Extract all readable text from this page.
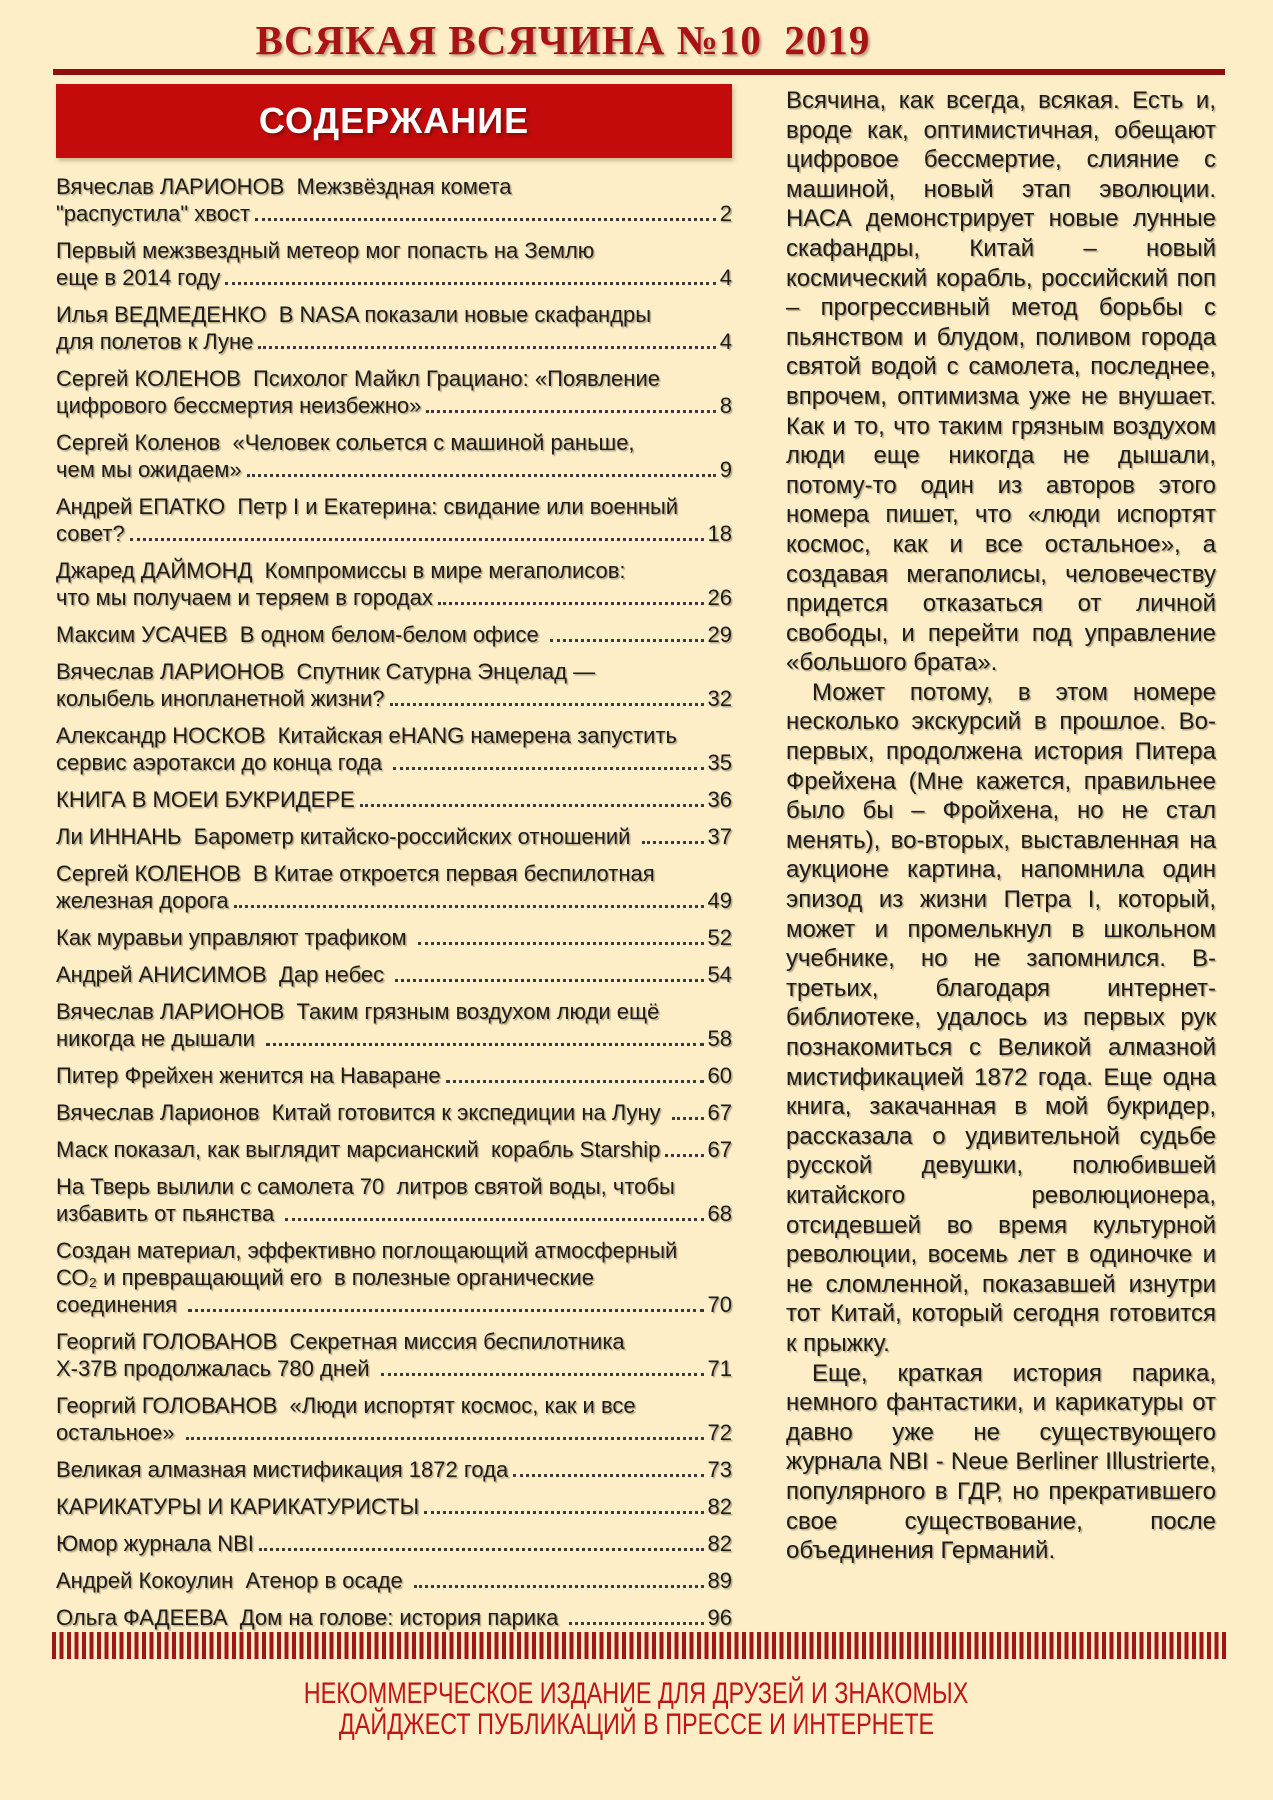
ВСЯКАЯ ВСЯЧИНА №10  2019
СОДЕРЖАНИЕ
Вячеслав ЛАРИОНОВ  Межзвёздная комета
"распустила" хвост	2
Первый межзвездный метеор мог попасть на Землю
еще в 2014 году	4
Илья ВЕДМЕДЕНКО  В NASA показали новые скафандры
для полетов к Луне	4
Сергей КОЛЕНОВ  Психолог Майкл Грациано: «Появление
цифрового бессмертия неизбежно»	8
Сергей Коленов  «Человек сольется с машиной раньше,
чем мы ожидаем»	9
Андрей ЕПАТКО  Петр I и Екатерина: свидание или военный
совет?	18
Джаред ДАЙМОНД  Компромиссы в мире мегаполисов:
что мы получаем и теряем в городах	26
Максим УСАЧЕВ  В одном белом-белом офисе	29
Вячеслав ЛАРИОНОВ  Спутник Сатурна Энцелад —
колыбель инопланетной жизни?	32
Александр НОСКОВ  Китайская eHANG намерена запустить
сервис аэротакси до конца года	35
КНИГА В МОЕИ БУКРИДЕРЕ	36
Ли ИННАНЬ  Барометр китайско-российских отношений	37
Сергей КОЛЕНОВ  В Китае откроется первая беспилотная
железная дорога	49
Как муравьи управляют трафиком	52
Андрей АНИСИМОВ  Дар небес	54
Вячеслав ЛАРИОНОВ  Таким грязным воздухом люди ещё
никогда не дышали	58
Питер Фрейхен женится на Наваране	60
Вячеслав Ларионов  Китай готовится к экспедиции на Луну 67
Маск показал, как выглядит марсианский  корабль Starship 67
На Тверь вылили с самолета 70  литров святой воды, чтобы
избавить от пьянства	68
Создан материал, эффективно поглощающий атмосферный
СО₂ и превращающий его  в полезные органические
соединения	70
Георгий ГОЛОВАНОВ  Секретная миссия беспилотника
Х-37В продолжалась 780 дней	71
Георгий ГОЛОВАНОВ  «Люди испортят космос, как и все
остальное»	72
Великая алмазная мистификация 1872 года	73
КАРИКАТУРЫ И КАРИКАТУРИСТЫ	82
Юмор журнала NBI	82
Андрей Кокоулин  Атенор в осаде	89
Ольга ФАДЕЕВА  Дом на голове: история парика	96

Всячина, как всегда, всякая. Есть и, вроде как, оптимистичная, обещают цифровое бессмертие, слияние с машиной, новый этап эволюции. НАСА демонстрирует новые лунные скафандры, Китай – новый космический корабль, российский поп – прогрессивный метод борьбы с пьянством и блудом, поливом города святой водой с самолета, последнее, впрочем, оптимизма уже не внушает. Как и то, что таким грязным воздухом люди еще никогда не дышали, потому-то один из авторов этого номера пишет, что «люди испортят космос, как и все остальное», а создавая мегаполисы, человечеству придется отказаться от личной свободы, и перейти под управление «большого брата».

Может потому, в этом номере несколько экскурсий в прошлое. Во-первых, продолжена история Питера Фрейхена (Мне кажется, правильнее было бы – Фройхена, но не стал менять), во-вторых, выставленная на аукционе картина, напомнила один эпизод из жизни Петра I, который, может и промелькнул в школьном учебнике, но не запомнился. В-третьих, благодаря интернет-библиотеке, удалось из первых рук познакомиться с Великой алмазной мистификацией 1872 года. Еще одна книга, закачанная в мой букридер, рассказала о удивительной судьбе русской девушки, полюбившей китайского революционера, отсидевшей во время культурной революции, восемь лет в одиночке и не сломленной, показавшей изнутри тот Китай, который сегодня готовится к прыжку.

Еще, краткая история парика, немного фантастики, и карикатуры от давно уже не существующего журнала NBI - Neue Berliner Illustrierte, популярного в ГДР, но прекратившего свое существование, после объединения Германий.

НЕКОММЕРЧЕСКОЕ ИЗДАНИЕ ДЛЯ ДРУЗЕЙ И ЗНАКОМЫХ
ДАЙДЖЕСТ ПУБЛИКАЦИЙ В ПРЕССЕ И ИНТЕРНЕТЕ
